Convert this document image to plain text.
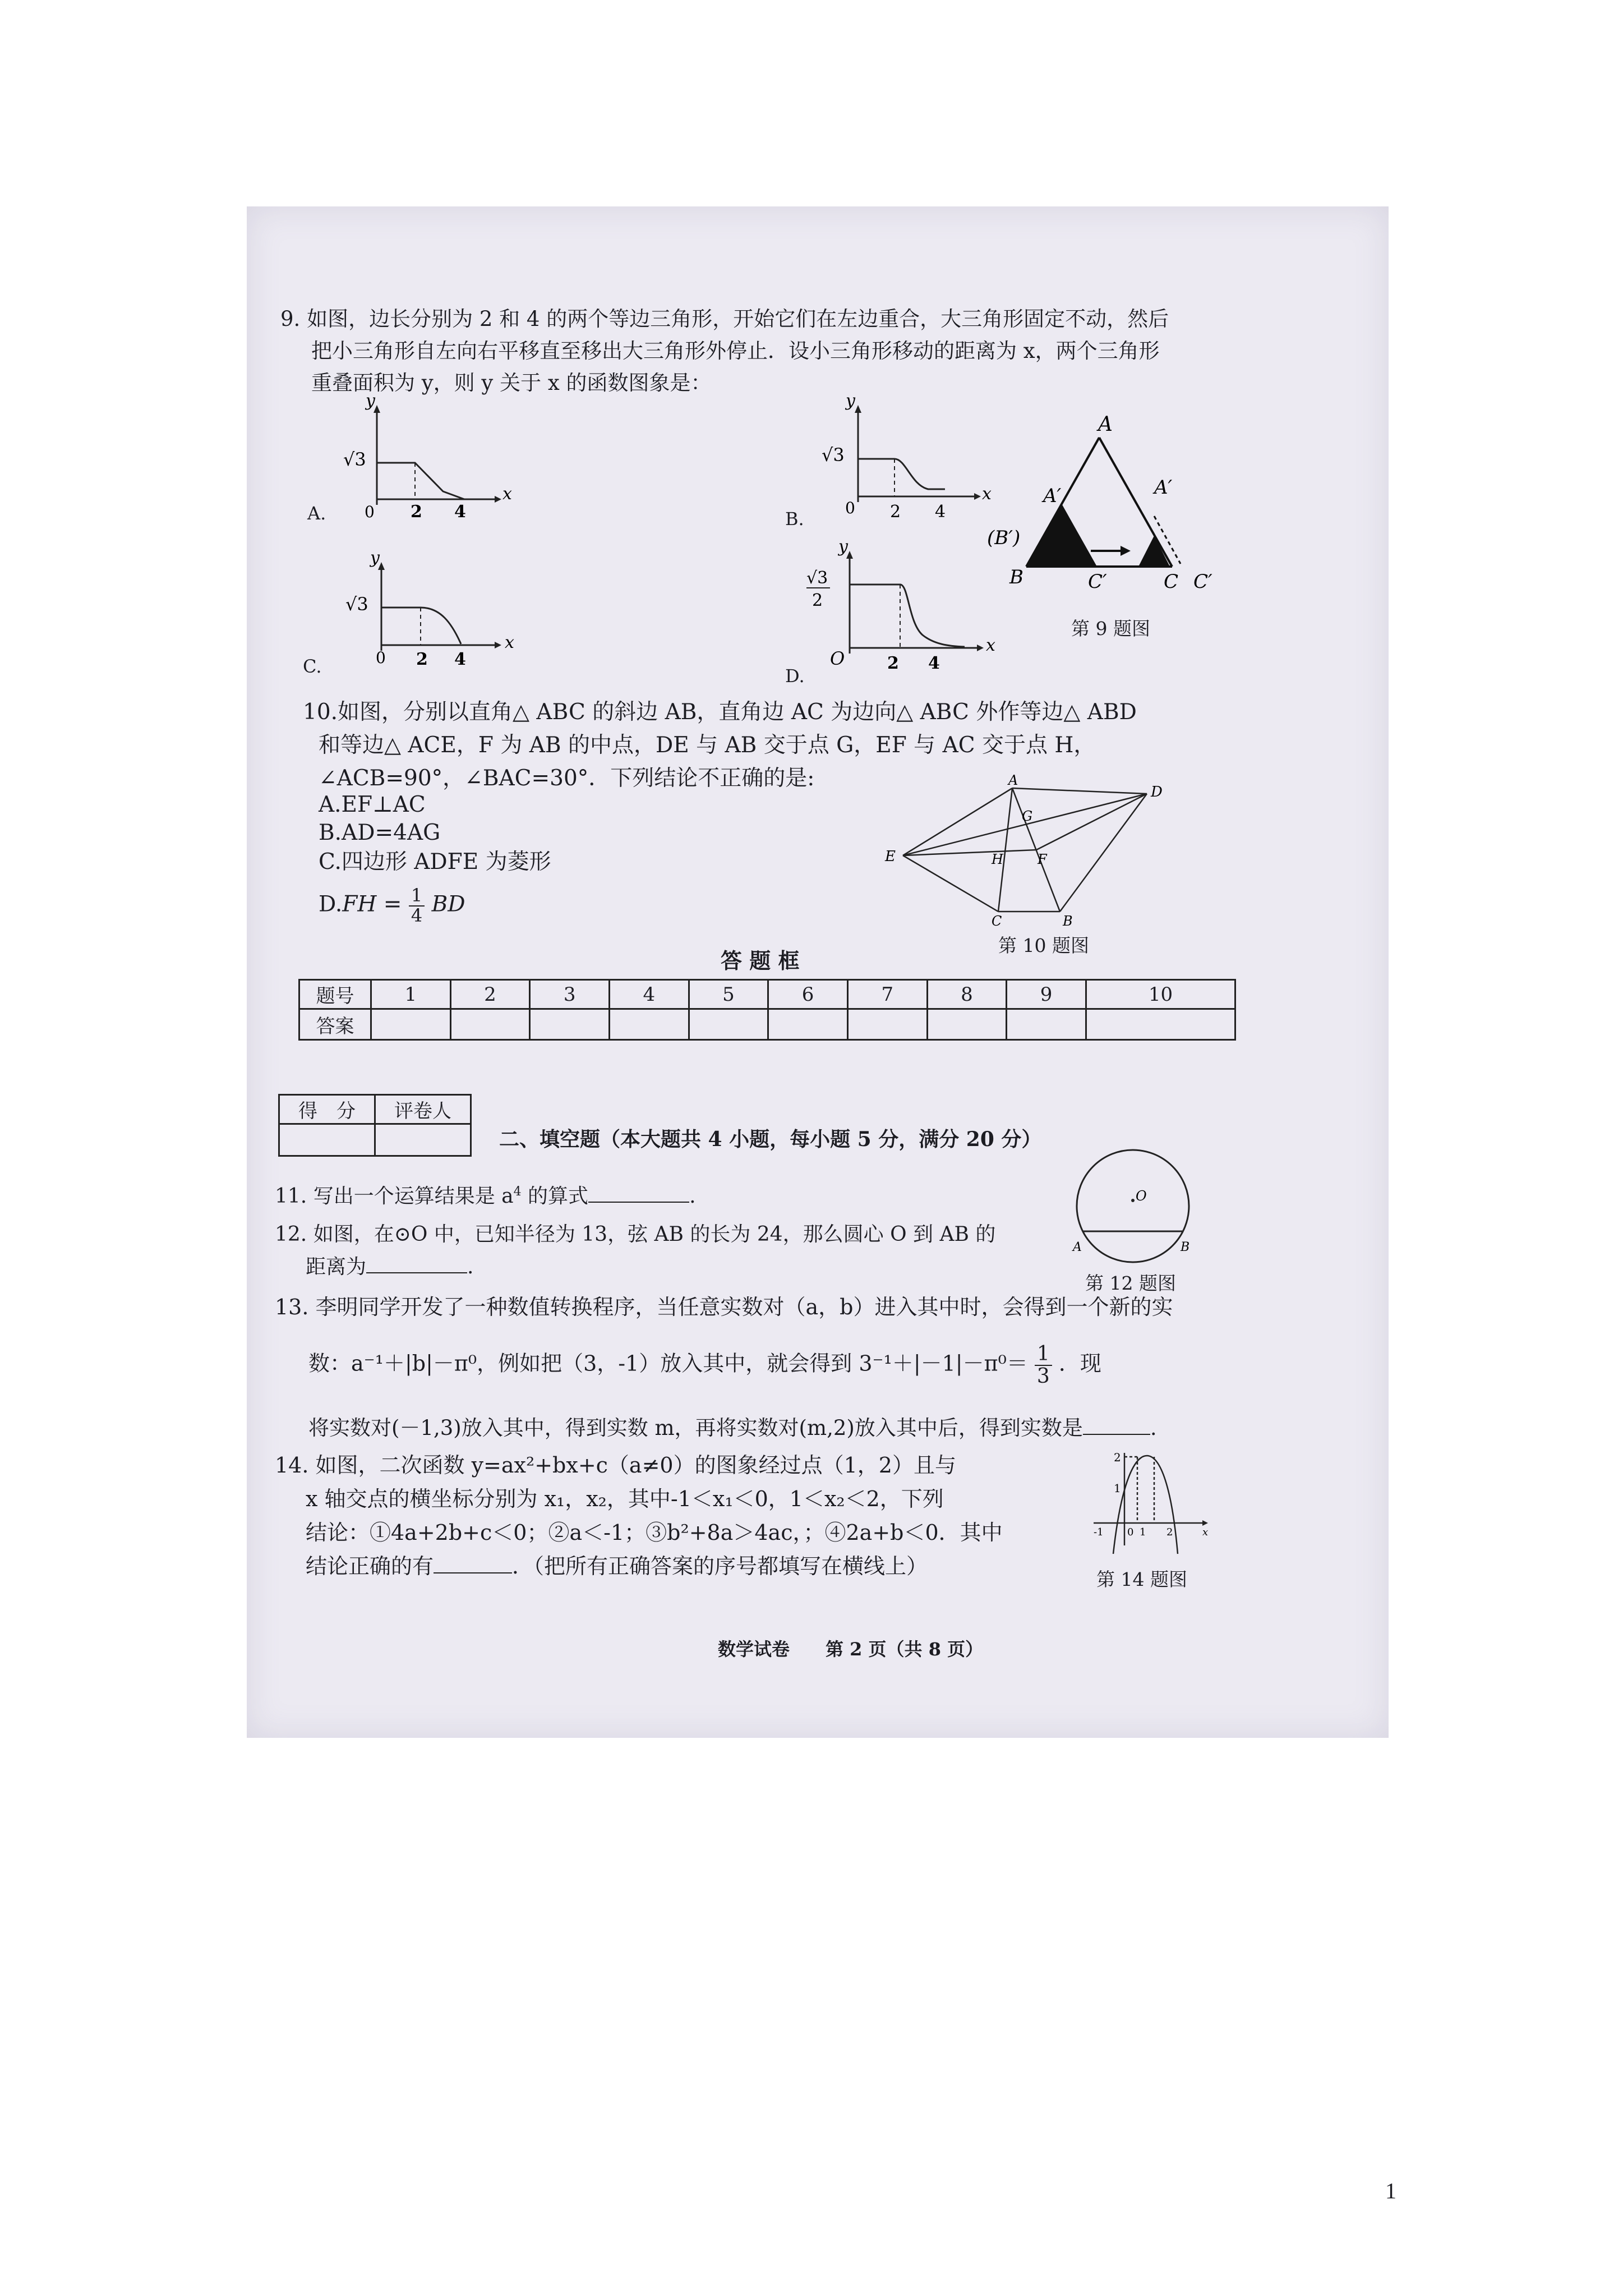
9. 如图，边长分别为 2 和 4 的两个等边三角形，开始它们在左边重合，大三角形固定不动，然后
把小三角形自左向右平移直至移出大三角形外停止．设小三角形移动的距离为 x，两个三角形
重叠面积为 y，则 y 关于 x 的函数图象是：
A.
y
x
√3
0 2 4	B.
y
x
√3
0 2 4
C.
y
x
√3
0 2 4
D.
y
x
√3
2
O	2 4
A
A′	A′
(B′)
B	C′	C C′
第 9 题图
10.如图，分别以直角△ ABC 的斜边 AB，直角边 AC 为边向△ ABC 外作等边△ ABD
和等边△ ACE，F 为 AB 的中点，DE 与 AB 交于点 G，EF 与 AC 交于点 H，
∠ACB=90°，∠BAC=30°．下列结论不正确的是:
A.EF⊥AC
B.AD=4AG
C.四边形 ADFE 为菱形
$D.FH = \frac{1}{4}$ BD
A
D
G
E	H	F
C	B
第 10 题图
答 题 框
题号	1	2	3	4	5	6	7	8	9	10
答案										
得　分	评卷人

二、填空题（本大题共 4 小题，每小题 5 分，满分 20 分）
11. 写出一个运算结果是 $a^4$ 的算式	.
12. 如图，在⊙O 中，已知半径为 13，弦 AB 的长为 24，那么圆心 O 到 AB 的
距离为	.
O
A	B
第 12 题图
13. 李明同学开发了一种数值转换程序，当任意实数对（a，b）进入其中时，会得到一个新的实
数：a⁻¹＋|b|－π⁰，例如把（3，-1）放入其中，就会得到 $3^{-1}+|-1|-\pi^0= \frac{1}{3}$ ．现
将实数对(－1,3)放入其中，得到实数 m，再将实数对(m,2)放入其中后，得到实数是	.
14. 如图，二次函数 y=ax²+bx+c（a≠0）的图象经过点（1，2）且与
x 轴交点的横坐标分别为 x₁，x₂，其中-1＜x₁＜0，1＜x₂＜2，下列
结论：①4a+2b+c＜0；②a＜-1；③b²+8a＞4ac，；④2a+b＜0．其中
结论正确的有	．（把所有正确答案的序号都填写在横线上）
2
1
-1 0 1 2	x
第 14 题图
数学试卷　　第 2 页（共 8 页）
1
